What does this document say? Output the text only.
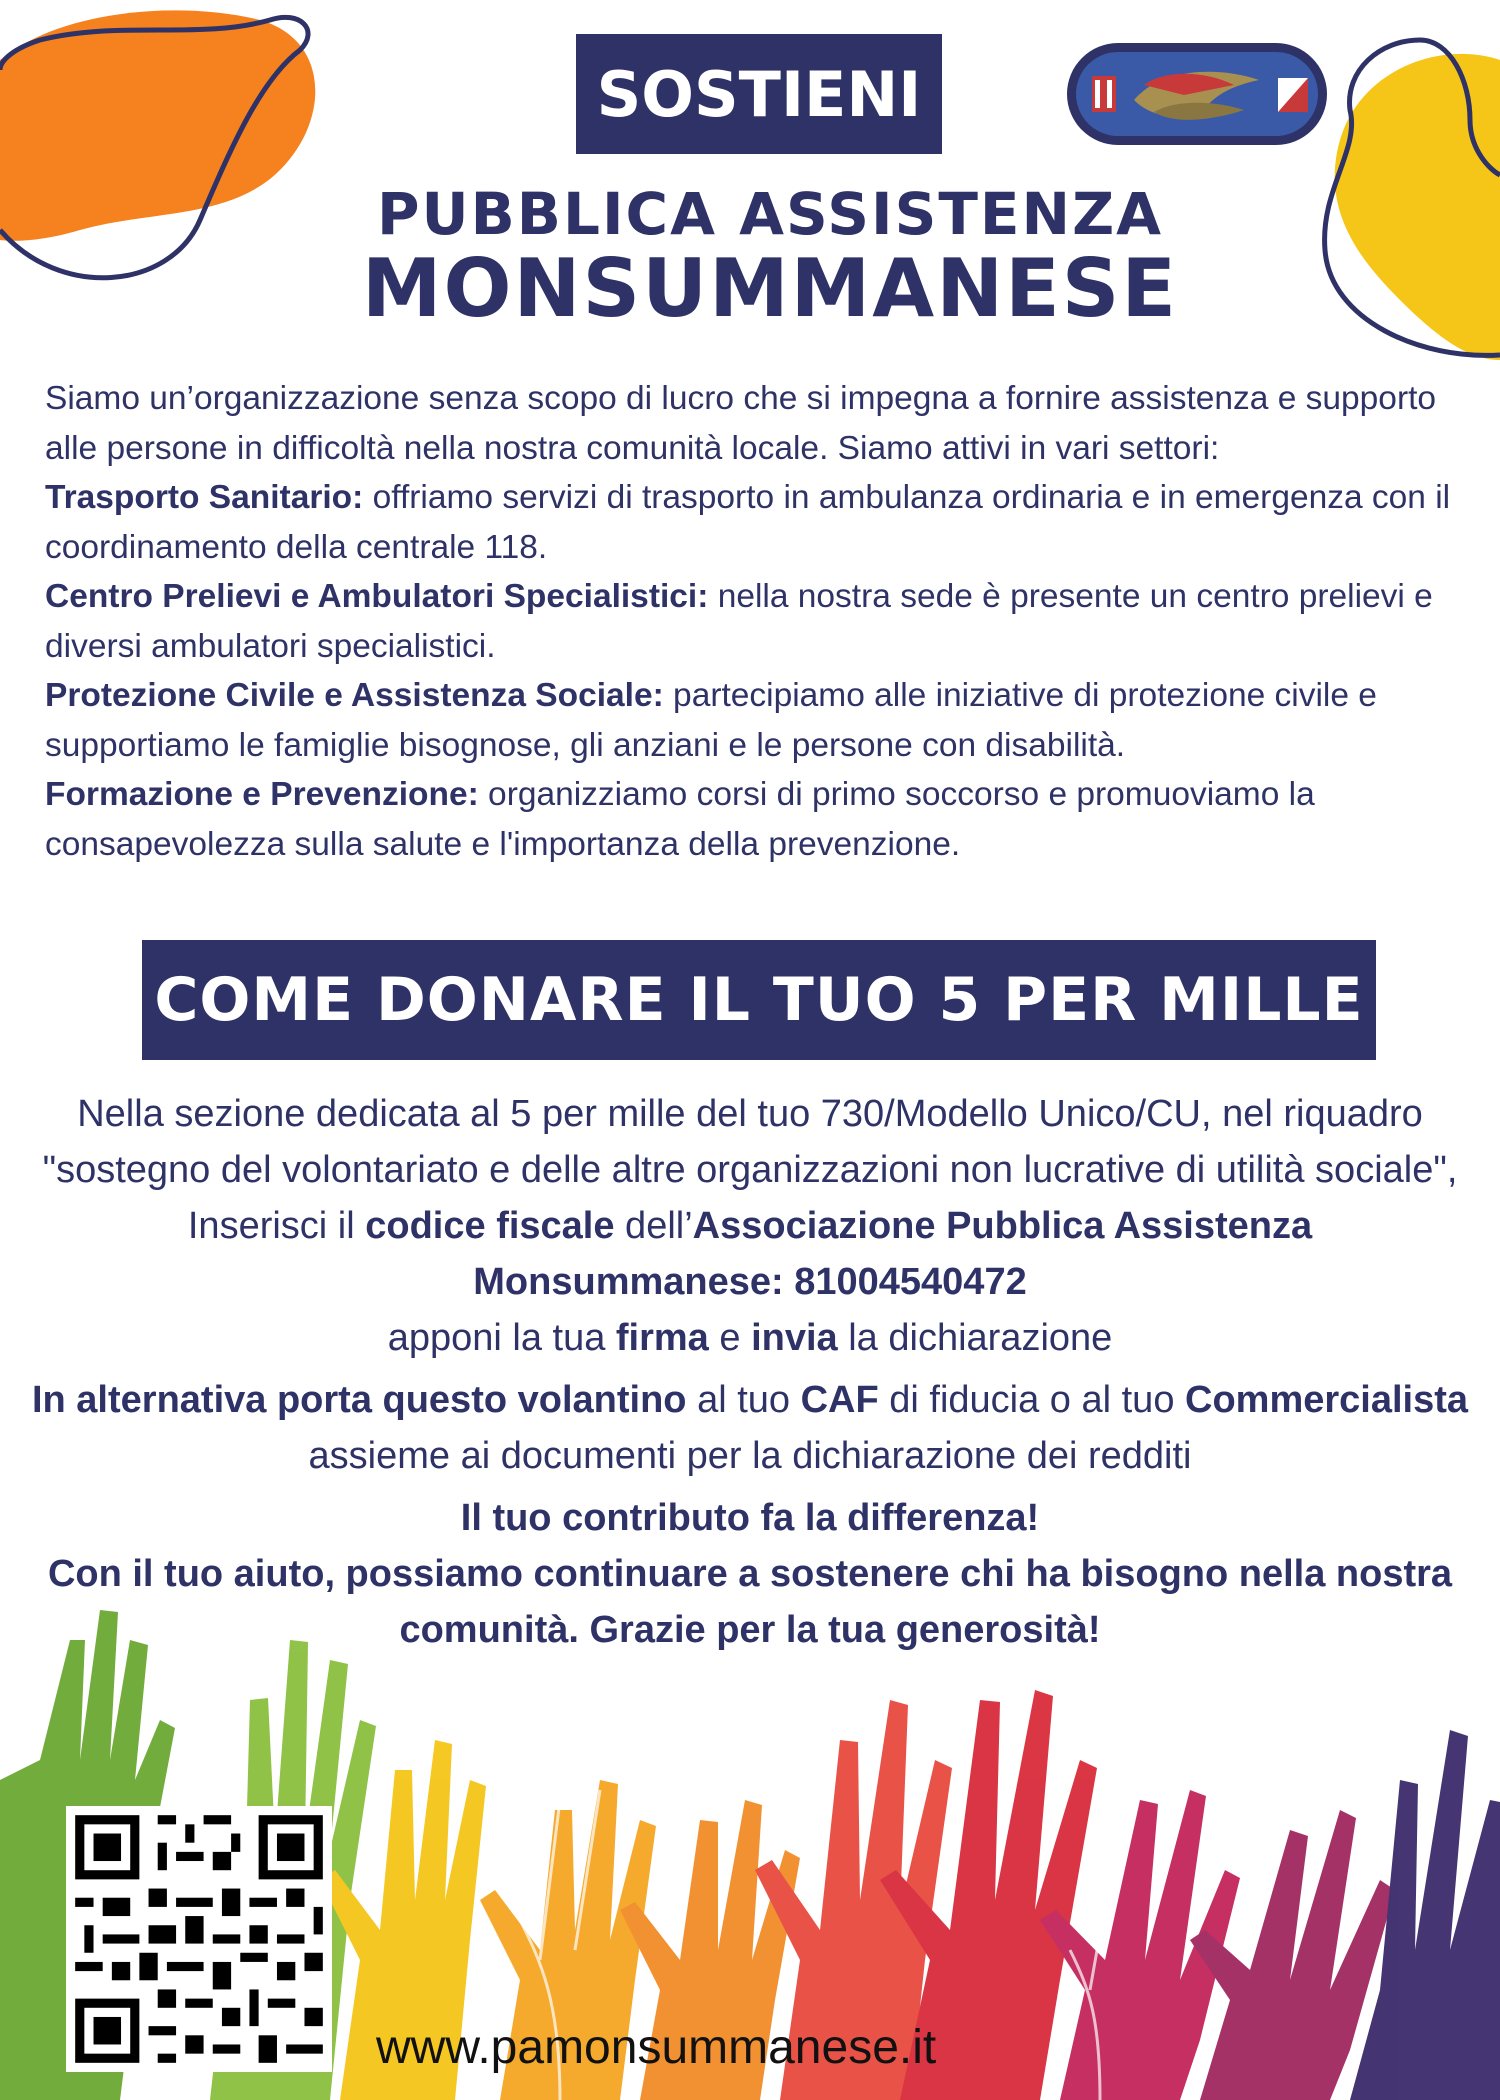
SOSTIENI
PUBBLICA ASSISTENZA
MONSUMMANESE

Siamo un’organizzazione senza scopo di lucro che si impegna a fornire assistenza e supporto alle persone in difficoltà nella nostra comunità locale. Siamo attivi in vari settori:

Trasporto Sanitario: offriamo servizi di trasporto in ambulanza ordinaria e in emergenza con il coordinamento della centrale 118.

Centro Prelievi e Ambulatori Specialistici: nella nostra sede è presente un centro prelievi e diversi ambulatori specialistici.

Protezione Civile e Assistenza Sociale: partecipiamo alle iniziative di protezione civile e supportiamo le famiglie bisognose, gli anziani e le persone con disabilità.

Formazione e Prevenzione: organizziamo corsi di primo soccorso e promuoviamo la consapevolezza sulla salute e l'importanza della prevenzione.

COME DONARE IL TUO 5 PER MILLE

Nella sezione dedicata al 5 per mille del tuo 730/Modello Unico/CU, nel riquadro "sostegno del volontariato e delle altre organizzazioni non lucrative di utilità sociale", Inserisci il codice fiscale dell’Associazione Pubblica Assistenza Monsummanese: 81004540472

apponi la tua firma e invia la dichiarazione

In alternativa porta questo volantino al tuo CAF di fiducia o al tuo Commercialista assieme ai documenti per la dichiarazione dei redditi

Il tuo contributo fa la differenza!

Con il tuo aiuto, possiamo continuare a sostenere chi ha bisogno nella nostra comunità. Grazie per la tua generosità!

www.pamonsummanese.it
